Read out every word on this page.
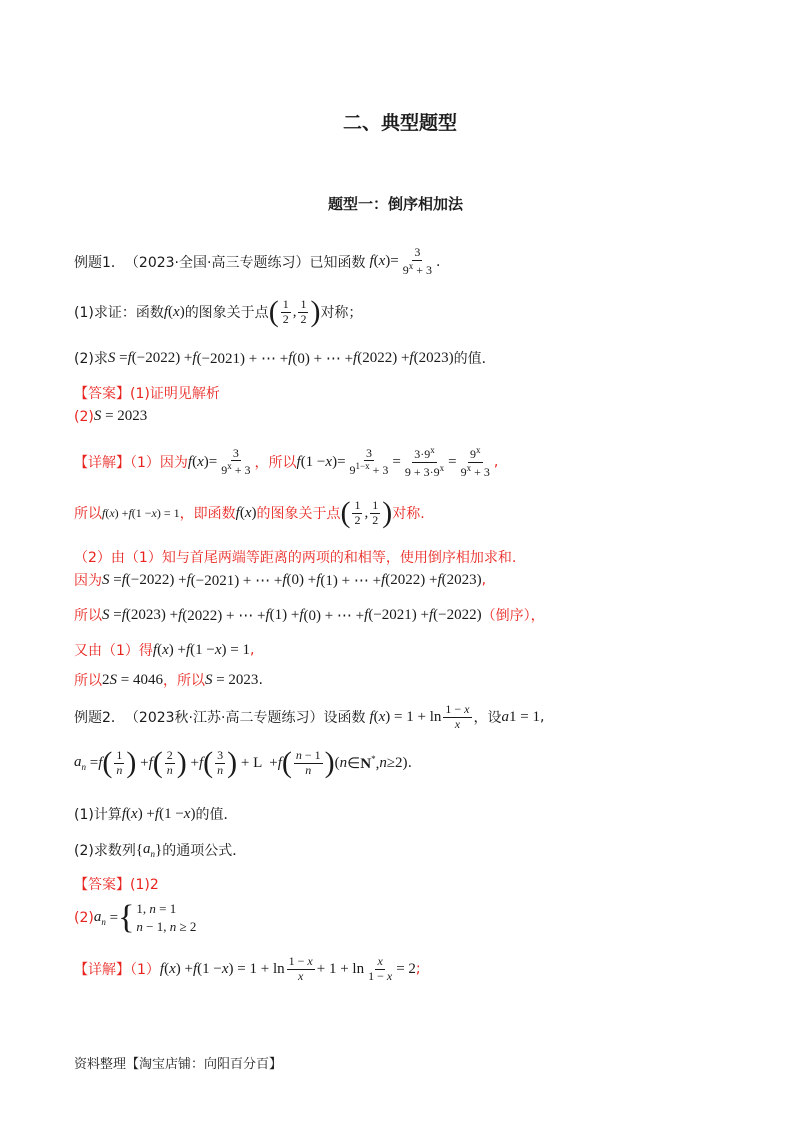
二、典型题型
题型一：倒序相加法
例题1． （2023·全国·高三专题练习）已知函数 f ( x )= $\frac{3}{9^x + 3}$ .
(1)求证：函数 f ( x ) 的图象关于点 ( $\frac{1}{2}$ , $\frac{1}{2}$ ) 对称；
(2)求 S = f (−2022) + f (−2021) + ⋯ + f (0) + ⋯ + f (2022) + f (2023) 的值．
【答案】(1)证明见解析
(2) S = 2023
【详解】（1）因为 f ( x )= $\frac{3}{9^x + 3}$ ，所以 f (1 − x )= $\frac{3}{9^{1-x} + 3} = \frac{3\cdot 9^x}{9 + 3\cdot 9^x} = \frac{9^x}{9^x + 3}$ ,
所以 f ( x ) + f (1 − x ) = 1 ，即函数 f ( x ) 的图象关于点 ( $\frac{1}{2}$ , $\frac{1}{2}$ ) 对称.
（2）由（1）知与首尾两端等距离的两项的和相等，使用倒序相加求和.
因为 S = f (−2022) + f (−2021) + ⋯ + f (0) + f (1) + ⋯ + f (2022) + f (2023) ,
所以 S = f (2023) + f (2022) + ⋯ + f (1) + f (0) + ⋯ + f (−2021) + f (−2022) （倒序），
又由（1）得 f ( x ) + f (1 − x ) = 1 ,
所以 2 S = 4046 ，所以 S = 2023 .
例题2． （2023秋·江苏·高二专题练习）设函数 f ( x ) = $1 + \ln \frac{1 - x}{x}$ ，设 a 1 = 1 ,
$a_n = f$ ( $\frac{1}{n}$ ) + f ( $\frac{2}{n}$ ) + f ( $\frac{3}{n}$ ) + L  + f ( $\frac{n - 1}{n}$ ) ( n ∈N*, n ≥2) .
(1)计算 f ( x ) + f (1 − x ) 的值．
(2)求数列 { $a_n$ } 的通项公式．
【答案】(1)2
(2) $a_n$ = { 1, n = 1
n − 1, n ≥ 2
【详解】（1） f ( x ) + f (1 − x ) = $1 + \ln \frac{1 - x}{x} + 1 + \ln \frac{x}{1 - x} = 2$ ;
资料整理【淘宝店铺：向阳百分百】
